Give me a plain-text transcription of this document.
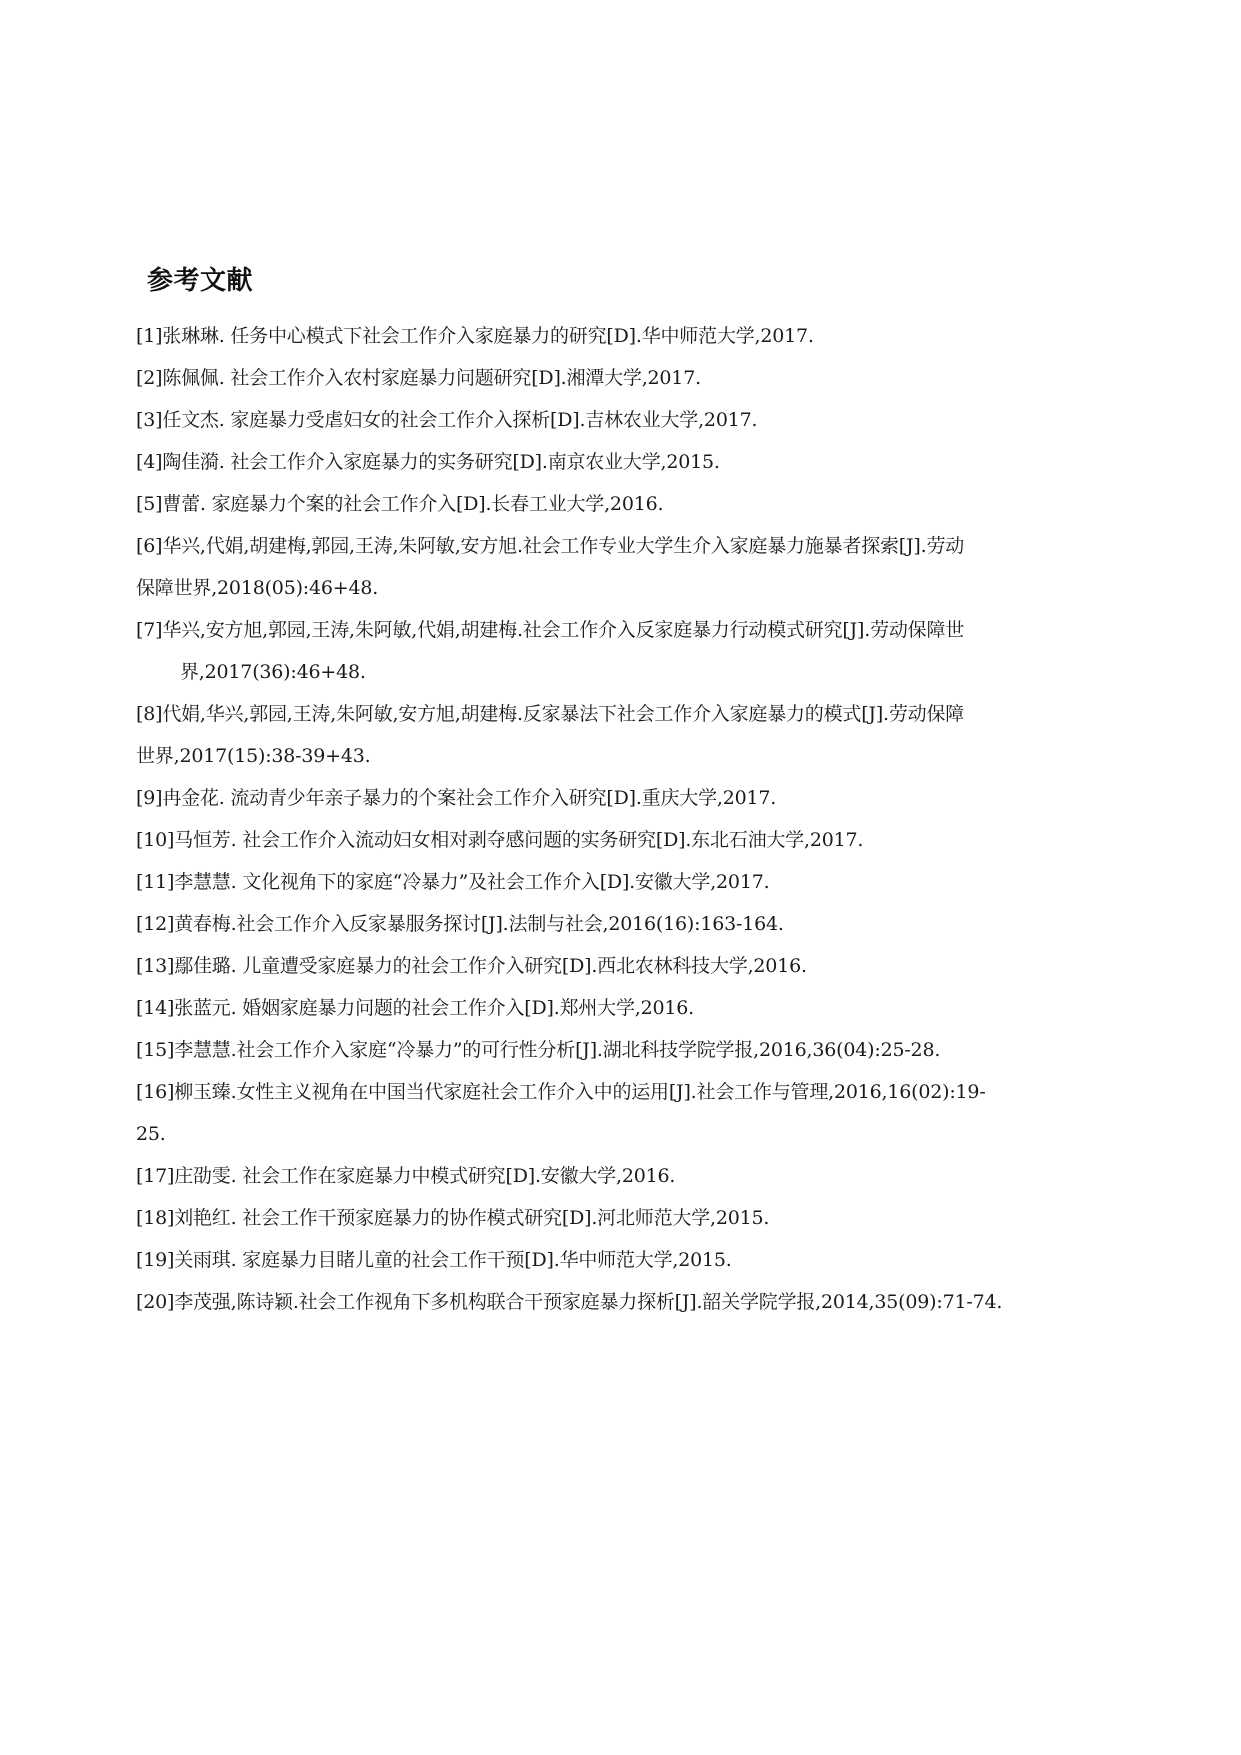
参考文献
[1]张琳琳. 任务中心模式下社会工作介入家庭暴力的研究[D].华中师范大学,2017.
[2]陈佩佩. 社会工作介入农村家庭暴力问题研究[D].湘潭大学,2017.
[3]任文杰. 家庭暴力受虐妇女的社会工作介入探析[D].吉林农业大学,2017.
[4]陶佳漪. 社会工作介入家庭暴力的实务研究[D].南京农业大学,2015.
[5]曹蕾. 家庭暴力个案的社会工作介入[D].长春工业大学,2016.
[6]华兴,代娟,胡建梅,郭园,王涛,朱阿敏,安方旭.社会工作专业大学生介入家庭暴力施暴者探索[J].劳动
保障世界,2018(05):46+48.
[7]华兴,安方旭,郭园,王涛,朱阿敏,代娟,胡建梅.社会工作介入反家庭暴力行动模式研究[J].劳动保障世
界,2017(36):46+48.
[8]代娟,华兴,郭园,王涛,朱阿敏,安方旭,胡建梅.反家暴法下社会工作介入家庭暴力的模式[J].劳动保障
世界,2017(15):38-39+43.
[9]冉金花. 流动青少年亲子暴力的个案社会工作介入研究[D].重庆大学,2017.
[10]马恒芳. 社会工作介入流动妇女相对剥夺感问题的实务研究[D].东北石油大学,2017.
[11]李慧慧. 文化视角下的家庭“冷暴力”及社会工作介入[D].安徽大学,2017.
[12]黄春梅.社会工作介入反家暴服务探讨[J].法制与社会,2016(16):163-164.
[13]鄢佳璐. 儿童遭受家庭暴力的社会工作介入研究[D].西北农林科技大学,2016.
[14]张蓝元. 婚姻家庭暴力问题的社会工作介入[D].郑州大学,2016.
[15]李慧慧.社会工作介入家庭“冷暴力”的可行性分析[J].湖北科技学院学报,2016,36(04):25-28.
[16]柳玉臻.女性主义视角在中国当代家庭社会工作介入中的运用[J].社会工作与管理,2016,16(02):19-
25.
[17]庄劭雯. 社会工作在家庭暴力中模式研究[D].安徽大学,2016.
[18]刘艳红. 社会工作干预家庭暴力的协作模式研究[D].河北师范大学,2015.
[19]关雨琪. 家庭暴力目睹儿童的社会工作干预[D].华中师范大学,2015.
[20]李茂强,陈诗颖.社会工作视角下多机构联合干预家庭暴力探析[J].韶关学院学报,2014,35(09):71-74.
